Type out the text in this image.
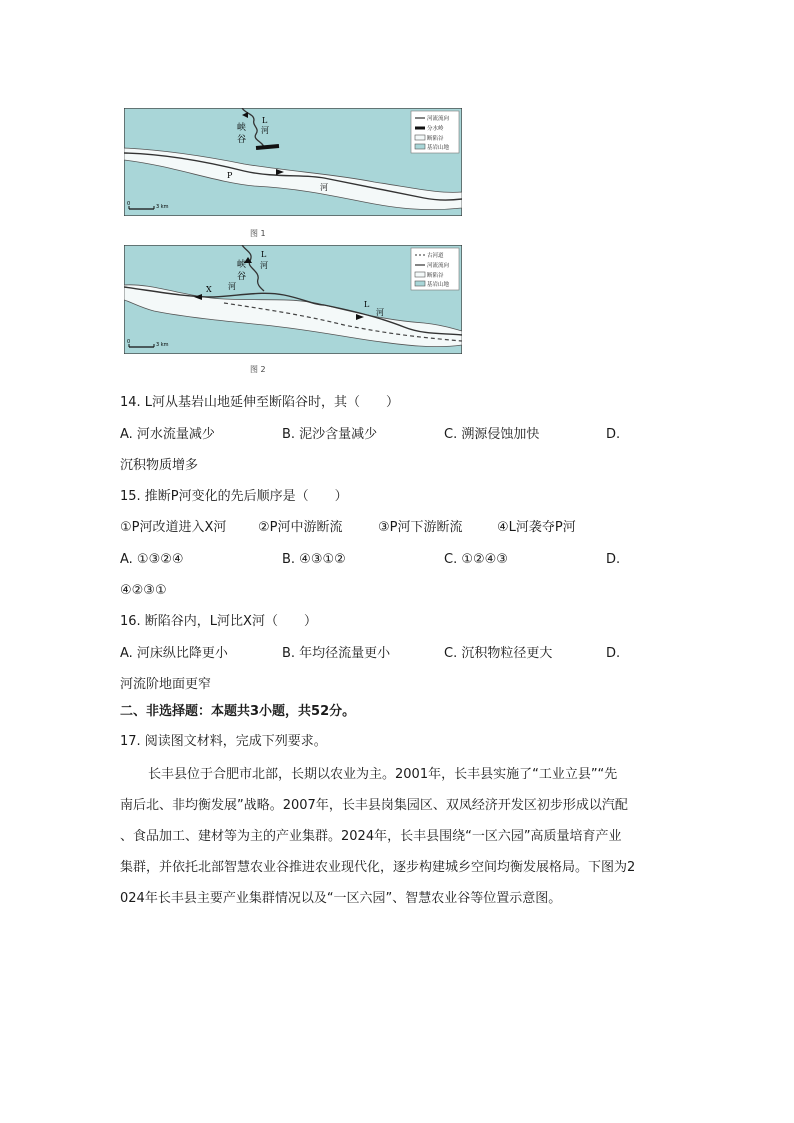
河流流向
分水岭
断陷谷
基岩山地
峡
谷
L
河
P
河
0	3 km
图 1
古河道
河流流向
断陷谷
基岩山地
峡
谷
L
河
X 河
L
河
0	3 km
图 2
14. L河从基岩山地延伸至断陷谷时，其（　　）
A. 河水流量减少	B. 泥沙含量减少	C. 溯源侵蚀加快	D.
沉积物质增多
15. 推断P河变化的先后顺序是（　　）
①P河改道进入X河 ②P河中游断流	③P河下游断流	④L河袭夺P河
A. ①③②④	B. ④③①②	C. ①②④③	D.
④②③①
16. 断陷谷内，L河比X河（　　）
A. 河床纵比降更小	B. 年均径流量更小	C. 沉积物粒径更大	D.
河流阶地面更窄
二、非选择题：本题共3小题，共52分。
17. 阅读图文材料，完成下列要求。
长丰县位于合肥市北部，长期以农业为主。2001年，长丰县实施了“工业立县”“先
南后北、非均衡发展”战略。2007年，长丰县岗集园区、双凤经济开发区初步形成以汽配
、食品加工、建材等为主的产业集群。2024年，长丰县围绕“一区六园”高质量培育产业
集群，并依托北部智慧农业谷推进农业现代化，逐步构建城乡空间均衡发展格局。下图为2
024年长丰县主要产业集群情况以及“一区六园”、智慧农业谷等位置示意图。
